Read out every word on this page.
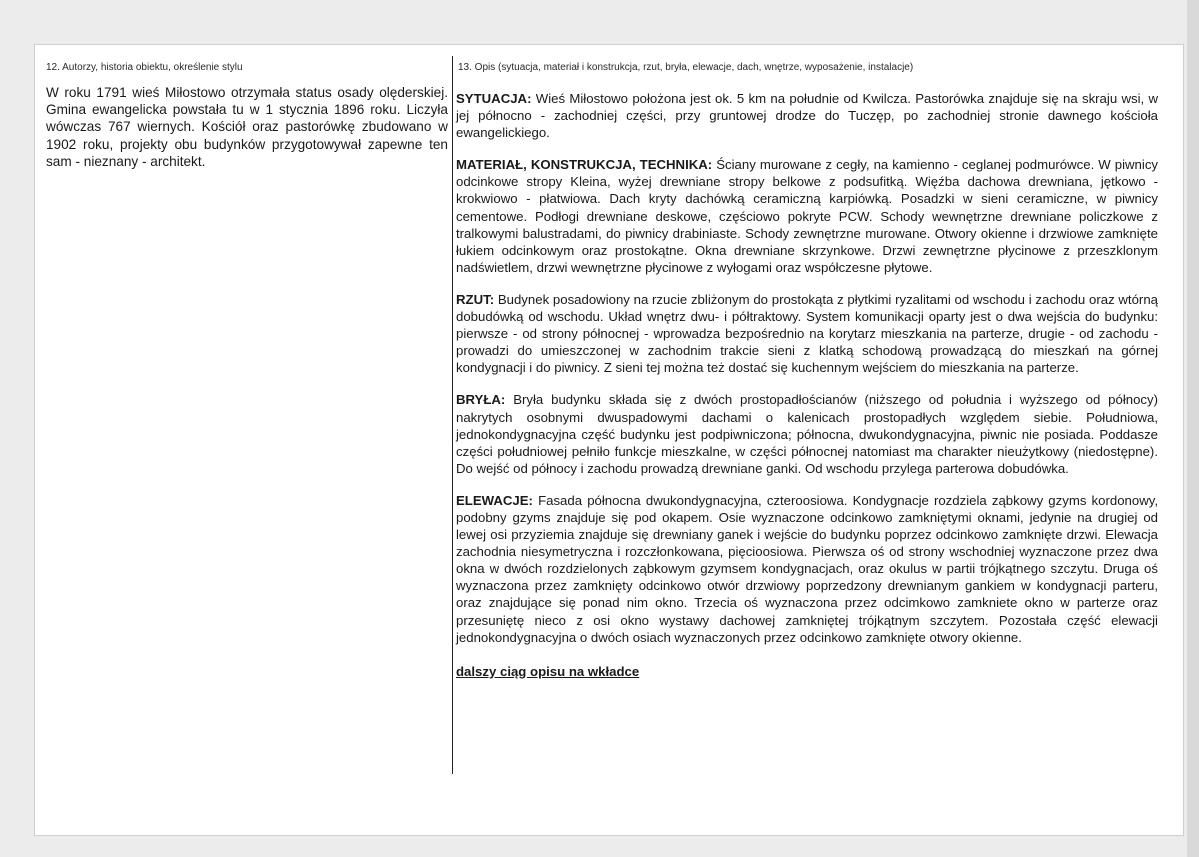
12. Autorzy, historia obiektu, określenie stylu	13. Opis (sytuacja, materiał i konstrukcja, rzut, bryła, elewacje, dach, wnętrze, wyposażenie, instalacje)
W roku 1791 wieś Miłostowo otrzymała status osady olęderskiej. Gmina ewangelicka powstała tu w 1 stycznia 1896 roku. Liczyła wówczas 767 wiernych. Kościół oraz pastorówkę zbudowano w 1902 roku, projekty obu budynków przygotowywał zapewne ten sam - nieznany - architekt.
SYTUACJA: Wieś Miłostowo położona jest ok. 5 km na południe od Kwilcza. Pastorówka znajduje się na skraju wsi, w jej północno - zachodniej części, przy gruntowej drodze do Tuczęp, po zachodniej stronie dawnego kościoła ewangelickiego.
MATERIAŁ, KONSTRUKCJA, TECHNIKA: Ściany murowane z cegły, na kamienno - ceglanej podmurówce. W piwnicy odcinkowe stropy Kleina, wyżej drewniane stropy belkowe z podsufitką. Więźba dachowa drewniana, jętkowo - krokwiowo - płatwiowa. Dach kryty dachówką ceramiczną karpiówką. Posadzki w sieni ceramiczne, w piwnicy cementowe. Podłogi drewniane deskowe, częściowo pokryte PCW. Schody wewnętrzne drewniane policzkowe z tralkowymi balustradami, do piwnicy drabiniaste. Schody zewnętrzne murowane. Otwory okienne i drzwiowe zamknięte łukiem odcinkowym oraz prostokątne. Okna drewniane skrzynkowe. Drzwi zewnętrzne płycinowe z przeszklonym nadświetlem, drzwi wewnętrzne płycinowe z wyłogami oraz współczesne płytowe.
RZUT: Budynek posadowiony na rzucie zbliżonym do prostokąta z płytkimi ryzalitami od wschodu i zachodu oraz wtórną dobudówką od wschodu. Układ wnętrz dwu- i półtraktowy. System komunikacji oparty jest o dwa wejścia do budynku: pierwsze - od strony północnej - wprowadza bezpośrednio na korytarz mieszkania na parterze, drugie - od zachodu - prowadzi do umieszczonej w zachodnim trakcie sieni z klatką schodową prowadzącą do mieszkań na górnej kondygnacji i do piwnicy. Z sieni tej można też dostać się kuchennym wejściem do mieszkania na parterze.
BRYŁA: Bryła budynku składa się z dwóch prostopadłościanów (niższego od południa i wyższego od północy) nakrytych osobnymi dwuspadowymi dachami o kalenicach prostopadłych względem siebie. Południowa, jednokondygnacyjna część budynku jest podpiwniczona; północna, dwukondygnacyjna, piwnic nie posiada. Poddasze części południowej pełniło funkcje mieszkalne, w części północnej natomiast ma charakter nieużytkowy (niedostępne). Do wejść od północy i zachodu prowadzą drewniane ganki. Od wschodu przylega parterowa dobudówka.
ELEWACJE: Fasada północna dwukondygnacyjna, czteroosiowa. Kondygnacje rozdziela ząbkowy gzyms kordonowy, podobny gzyms znajduje się pod okapem. Osie wyznaczone odcinkowo zamkniętymi oknami, jedynie na drugiej od lewej osi przyziemia znajduje się drewniany ganek i wejście do budynku poprzez odcinkowo zamknięte drzwi. Elewacja zachodnia niesymetryczna i rozczłonkowana, pięcioosiowa. Pierwsza oś od strony wschodniej wyznaczone przez dwa okna w dwóch rozdzielonych ząbkowym gzymsem kondygnacjach, oraz okulus w partii trójkątnego szczytu. Druga oś wyznaczona przez zamknięty odcinkowo otwór drzwiowy poprzedzony drewnianym gankiem w kondygnacji parteru, oraz znajdujące się ponad nim okno. Trzecia oś wyznaczona przez odcimkowo zamkniete okno w parterze oraz przesuniętę nieco z osi okno wystawy dachowej zamkniętej trójkątnym szczytem. Pozostała część elewacji jednokondygnacyjna o dwóch osiach wyznaczonych przez odcinkowo zamknięte otwory okienne.
dalszy ciąg opisu na wkładce
